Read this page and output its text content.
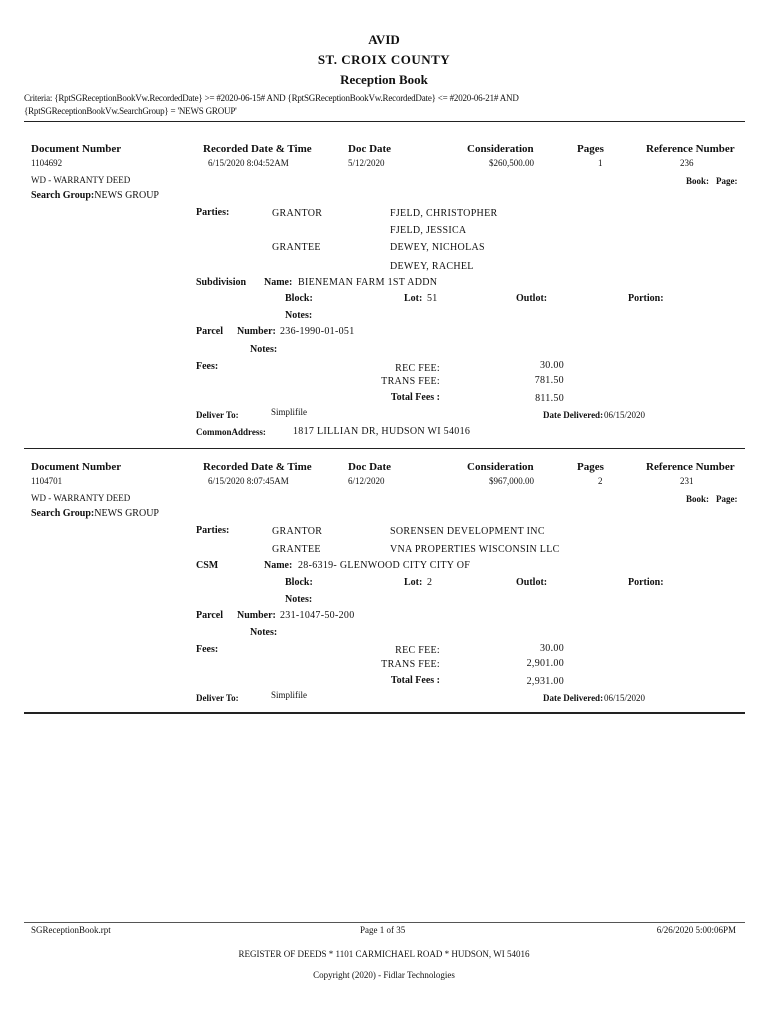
AVID
ST. CROIX COUNTY
Reception Book
Criteria: {RptSGReceptionBookVw.RecordedDate} >= #2020-06-15# AND {RptSGReceptionBookVw.RecordedDate} <= #2020-06-21# AND
{RptSGReceptionBookVw.SearchGroup} = 'NEWS GROUP'
Document Number	Recorded Date & Time	Doc Date	Consideration	Pages	Reference Number
1104692	6/15/2020 8:04:52AM	5/12/2020	$260,500.00	1	236
WD - WARRANTY DEED	Book: Page:
Search Group:NEWS GROUP
Parties:	GRANTOR	FJELD, CHRISTOPHER
FJELD, JESSICA
GRANTEE	DEWEY, NICHOLAS
DEWEY, RACHEL
Subdivision Name: BIENEMAN FARM 1ST ADDN
Block:	Lot: 51	Outlot:	Portion:
Notes:
Parcel Number: 236-1990-01-051
Notes:
Fees:	REC FEE:	30.00
TRANS FEE:	781.50
Total Fees :	811.50
Deliver To:	Simplifile	Date Delivered: 06/15/2020
CommonAddress:	1817 LILLIAN DR, HUDSON WI 54016
Document Number	Recorded Date & Time	Doc Date	Consideration	Pages	Reference Number
1104701	6/15/2020 8:07:45AM	6/12/2020	$967,000.00	2	231
WD - WARRANTY DEED	Book: Page:
Search Group:NEWS GROUP
Parties:	GRANTOR	SORENSEN DEVELOPMENT INC
GRANTEE	VNA PROPERTIES WISCONSIN LLC
CSM	Name: 28-6319- GLENWOOD CITY CITY OF
Block:	Lot: 2	Outlot:	Portion:
Notes:
Parcel Number: 231-1047-50-200
Notes:
Fees:	REC FEE:	30.00
TRANS FEE:	2,901.00
Total Fees :	2,931.00
Deliver To:	Simplifile	Date Delivered: 06/15/2020
SGReceptionBook.rpt	Page 1 of 35	6/26/2020 5:00:06PM
REGISTER OF DEEDS * 1101 CARMICHAEL ROAD * HUDSON, WI 54016
Copyright (2020) - Fidlar Technologies
